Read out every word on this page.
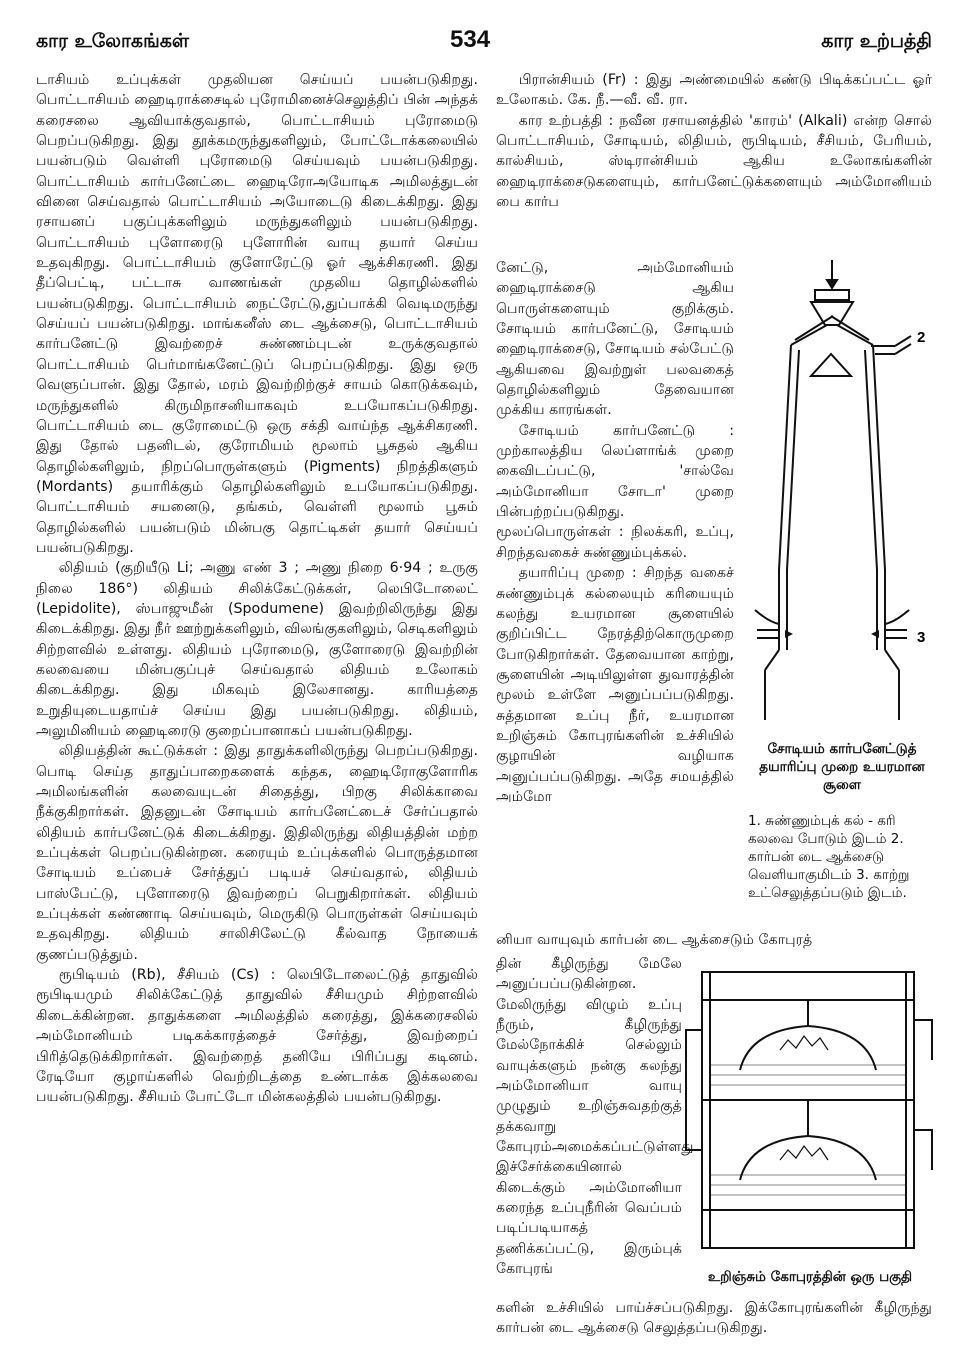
கார உலோகங்கள்	534	கார உற்பத்தி

டாசியம் உப்புக்கள் முதலியன செய்யப் பயன்படுகிறது. பொட்டாசியம் ஹைடிராக்சைடில் புரோமினைச்செலுத்திப் பின் அந்தக் கரைசலை ஆவியாக்குவதால், பொட்டாசியம் புரோமைடு பெறப்படுகிறது. இது தூக்கமருந்துகளிலும், போட்டோக்கலையில் பயன்படும் வெள்ளி புரோமைடு செய்யவும் பயன்படுகிறது. பொட்டாசியம் கார்பனேட்டை ஹைடிரோஅயோடிக அமிலத்துடன் வினை செய்வதால் பொட்டாசியம் அயோடைடு கிடைக்கிறது. இது ரசாயனப் பகுப்புக்களிலும் மருந்துகளிலும் பயன்படுகிறது. பொட்டாசியம் புளோரைடு புளோரின் வாயு தயார் செய்ய உதவுகிறது. பொட்டாசியம் குளோரேட்டு ஓர் ஆக்சிகரணி. இது தீப்பெட்டி, பட்டாசு வாணங்கள் முதலிய தொழில்களில் பயன்படுகிறது. பொட்டாசியம் நைட்ரேட்டு,துப்பாக்கி வெடிமருந்து செய்யப் பயன்படுகிறது. மாங்கனீஸ் டை ஆக்சைடு, பொட்டாசியம் கார்பனேட்டு இவற்றைச் சுண்ணம்புடன் உருக்குவதால் பொட்டாசியம் பெர்மாங்கனேட்டுப் பெறப்படுகிறது. இது ஒரு வெளுப்பான். இது தோல், மரம் இவற்றிற்குச் சாயம் கொடுக்கவும், மருந்துகளில் கிருமிநாசனியாகவும் உபயோகப்படுகிறது. பொட்டாசியம் டை குரோமைட்டு ஒரு சக்தி வாய்ந்த ஆக்சிகரணி. இது தோல் பதனிடல், குரோமியம் மூலாம் பூசுதல் ஆகிய தொழில்களிலும், நிறப்பொருள்களும் (Pigments) நிறத்திகளும் (Mordants) தயாரிக்கும் தொழில்களிலும் உபயோகப்படுகிறது. பொட்டாசியம் சயனைடு, தங்கம், வெள்ளி மூலாம் பூசும் தொழில்களில் பயன்படும் மின்பகு தொட்டிகள் தயார் செய்யப் பயன்படுகிறது.

லிதியம் (குறியீடு Li; அணு எண் 3 ; அணு நிறை 6·94 ; உருகு நிலை 186°) லிதியம் சிலிக்கேட்டுக்கள், லெபிடோலைட் (Lepidolite), ஸ்பாஜுமீன் (Spodumene) இவற்றிலிருந்து இது கிடைக்கிறது. இது நீர் ஊற்றுக்களிலும், விலங்குகளிலும், செடிகளிலும் சிற்றளவில் உள்ளது. லிதியம் புரோமைடு, குளோரைடு இவற்றின் கலவையை மின்பகுப்புச் செய்வதால் லிதியம் உலோகம் கிடைக்கிறது. இது மிகவும் இலேசானது. காரியத்தை உறுதியுடையதாய்ச் செய்ய இது பயன்படுகிறது. லிதியம், அலுமினியம் ஹைடிரைடு குறைப்பானாகப் பயன்படுகிறது.

லிதியத்தின் கூட்டுக்கள் : இது தாதுக்களிலிருந்து பெறப்படுகிறது. பொடி செய்த தாதுப்பாறைகளைக் கந்தக, ஹைடிரோகுளோரிக அமிலங்களின் கலவையுடன் சிதைத்து, பிறகு சிலிக்காவை நீக்குகிறார்கள். இதனுடன் சோடியம் கார்பனேட்டைச் சேர்ப்பதால் லிதியம் கார்பனேட்டுக் கிடைக்கிறது. இதிலிருந்து லிதியத்தின் மற்ற உப்புக்கள் பெறப்படுகின்றன. கரையும் உப்புக்களில் பொருத்தமான சோடியம் உப்பைச் சேர்த்துப் படியச் செய்வதால், லிதியம் பாஸ்பேட்டு, புளோரைடு இவற்றைப் பெறுகிறார்கள். லிதியம் உப்புக்கள் கண்ணாடி செய்யவும், மெருகிடு பொருள்கள் செய்யவும் உதவுகிறது. லிதியம் சாலிசிலேட்டு கீல்வாத நோயைக் குணப்படுத்தும்.

ரூபிடியம் (Rb), சீசியம் (Cs) : லெபிடோலைட்டுத் தாதுவில் ரூபிடியமும் சிலிக்கேட்டுத் தாதுவில் சீசியமும் சிற்றளவில் கிடைக்கின்றன. தாதுக்களை அமிலத்தில் கரைத்து, இக்கரைசலில் அம்மோனியம் படிகக்காரத்தைச் சேர்த்து, இவற்றைப் பிரித்தெடுக்கிறார்கள். இவற்றைத் தனியே பிரிப்பது கடினம். ரேடியோ குழாய்களில் வெற்றிடத்தை உண்டாக்க இக்கலவை பயன்படுகிறது. சீசியம் போட்டோ மின்கலத்தில் பயன்படுகிறது.

பிரான்சியம் (Fr) : இது அண்மையில் கண்டு பிடிக்கப்பட்ட ஓர் உலோகம். கே. நீ.—வீ. வீ. ரா.

கார உற்பத்தி : நவீன ரசாயனத்தில் 'காரம்' (Alkali) என்ற சொல் பொட்டாசியம், சோடியம், லிதியம், ரூபிடியம், சீசியம், பேரியம், கால்சியம், ஸ்டிரான்சியம் ஆகிய உலோகங்களின் ஹைடிராக்சைடுகளையும், கார்பனேட்டுக்களையும் அம்மோனியம் பை கார்ப

னேட்டு, அம்மோனியம் ஹைடிராக்சைடு ஆகிய பொருள்களையும் குறிக்கும். சோடியம் கார்பனேட்டு, சோடியம் ஹைடிராக்சைடு, சோடியம் சல்பேட்டு ஆகியவை இவற்றுள் பலவகைத் தொழில்களிலும் தேவையான முக்கிய காரங்கள்.

சோடியம் கார்பனேட்டு : முற்காலத்திய லெப்ளாங்க் முறை கைவிடப்பட்டு, 'சால்வே அம்மோனியா சோடா' முறை பின்பற்றப்படுகிறது. மூலப்பொருள்கள் : நிலக்கரி, உப்பு, சிறந்தவகைச் சுண்ணும்புக்கல்.

தயாரிப்பு முறை : சிறந்த வகைச் சுண்ணும்புக் கல்லையும் கரியையும் கலந்து உயரமான சூளையில் குறிப்பிட்ட நேரத்திற்கொருமுறை போடுகிறார்கள். தேவையான காற்று, சூளையின் அடியிலுள்ள துவாரத்தின் மூலம் உள்ளே அனுப்பப்படுகிறது. சுத்தமான உப்பு நீர், உயரமான உறிஞ்சும் கோபுரங்களின் உச்சியில் குழாயின் வழியாக அனுப்பப்படுகிறது. அதே சமயத்தில் அம்மோ

2
3
சோடியம் கார்பனேட்டுத் தயாரிப்பு முறை உயரமான சூளை
1. சுண்ணும்புக் கல் - கரி கலவை போடும் இடம் 2. கார்பன் டை ஆக்சைடு வெளியாகுமிடம் 3. காற்று உட்செலுத்தப்படும் இடம்.

னியா வாயுவும் கார்பன் டை ஆக்சைடும் கோபுரத்

தின் கீழிருந்து மேலே அனுப்பப்படுகின்றன. மேலிருந்து விழும் உப்பு நீரும், கீழிருந்து மேல்நோக்கிச் செல்லும் வாயுக்களும் நன்கு கலந்து அம்மோனியா வாயு முழுதும் உறிஞ்சுவதற்குத் தக்கவாறு கோபுரம்அமைக்கப்பட்டுள்ளது. இச்சேர்க்கையினால் கிடைக்கும் அம்மோனியா கரைந்த உப்புநீரின் வெப்பம் படிப்படியாகத் தணிக்கப்பட்டு, இரும்புக் கோபுரங்	உறிஞ்சும் கோபுரத்தின் ஒரு பகுதி

களின் உச்சியில் பாய்ச்சப்படுகிறது. இக்கோபுரங்களின் கீழிருந்து கார்பன் டை ஆக்சைடு செலுத்தப்படுகிறது.
